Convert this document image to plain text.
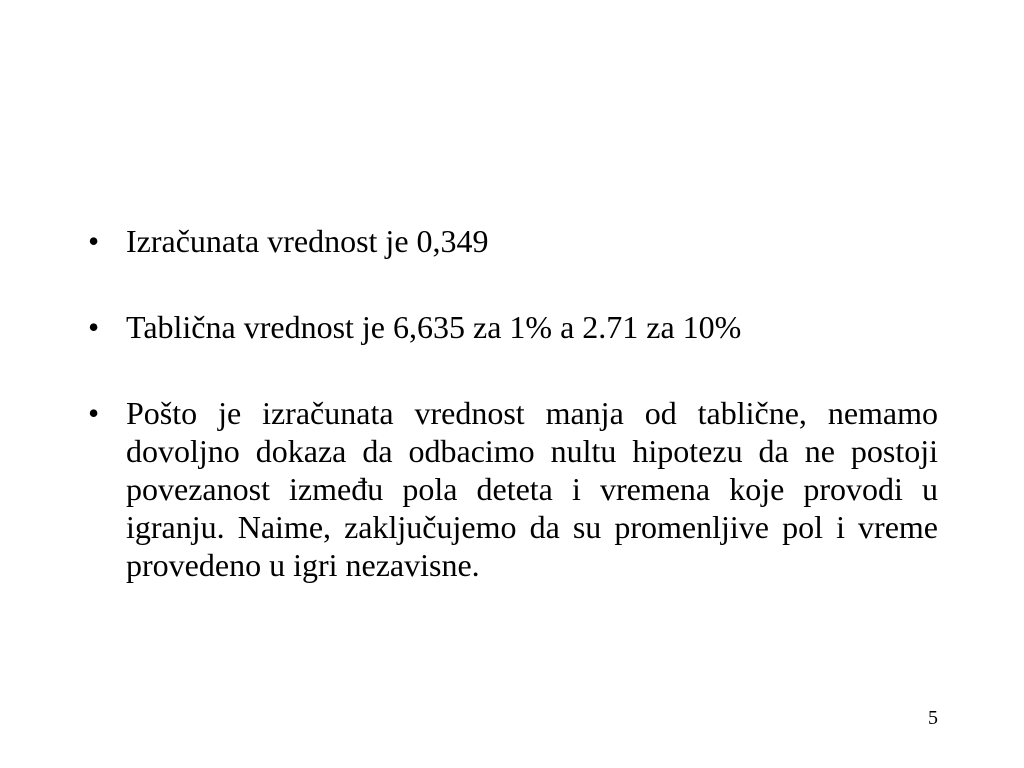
• Izračunata vrednost je 0,349
• Tablična vrednost je 6,635 za 1% a 2.71 za 10%
• Pošto je izračunata vrednost manja od tablične, nemamo dovoljno dokaza da odbacimo nultu hipotezu da ne postoji povezanost između pola deteta i vremena koje provodi u igranju. Naime, zaključujemo da su promenljive pol i vreme provedeno u igri nezavisne.
5
